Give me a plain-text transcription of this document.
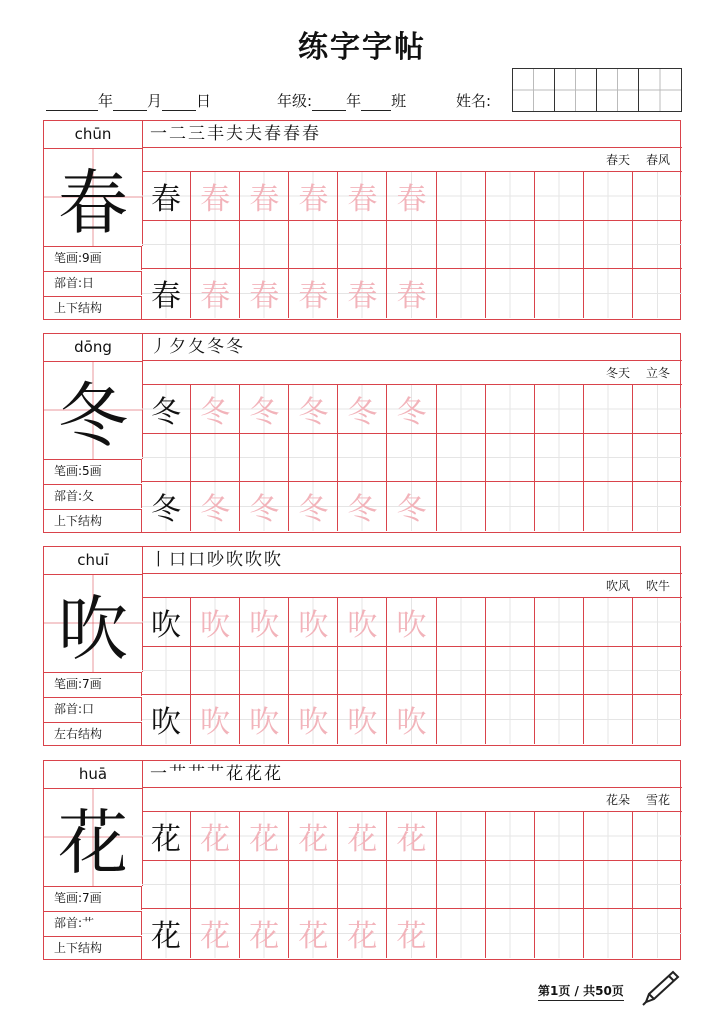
练字字帖
年 月 日	年级: 年 班	姓名:
chūn
春
笔画:9画
部首:日
上下结构
一二三丰夫夫春春春
春天 春风
春 春 春 春 春 春
春 春 春 春 春 春
dōng
冬
笔画:5画
部首:夂
上下结构
丿夕夂冬冬
冬天 立冬
冬 冬 冬 冬 冬 冬
冬 冬 冬 冬 冬 冬
chuī
吹
笔画:7画
部首:口
左右结构
丨口口吵吹吹吹
吹风 吹牛
吹 吹 吹 吹 吹 吹
吹 吹 吹 吹 吹 吹
huā
花
笔画:7画
部首:艹
上下结构
一艹艹艹花花花
花朵 雪花
花 花 花 花 花 花
花 花 花 花 花 花
第1页 / 共50页
